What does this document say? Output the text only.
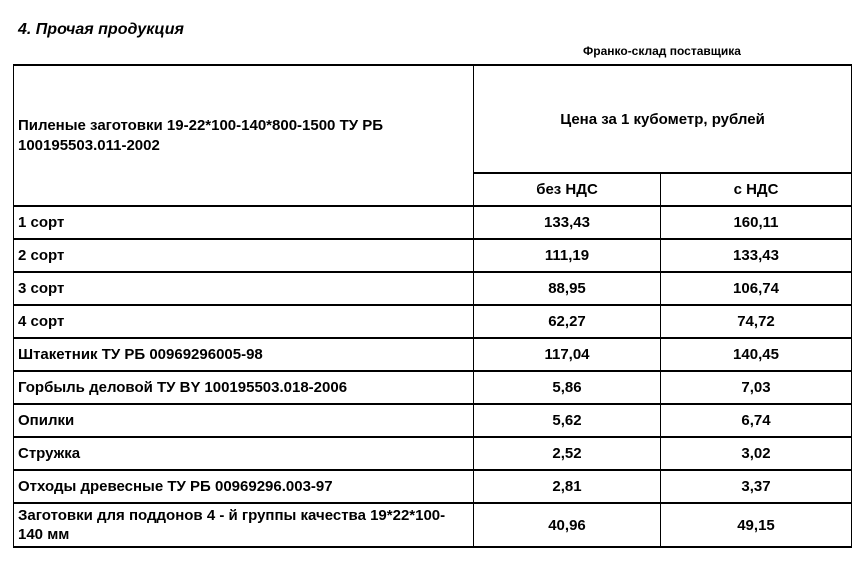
4. Прочая продукция
Франко-склад поставщика
Пиленые заготовки 19-22*100-140*800-1500 ТУ РБ 100195503.011-2002	Цена за 1 кубометр, рублей	
	без НДС	с НДС
1 сорт	133,43	160,11
2 сорт	111,19	133,43
3 сорт	88,95	106,74
4 сорт	62,27	74,72
Штакетник ТУ РБ 00969296005-98	117,04	140,45
Горбыль деловой ТУ BY 100195503.018-2006	5,86	7,03
Опилки	5,62	6,74
Стружка	2,52	3,02
Отходы древесные ТУ РБ 00969296.003-97	2,81	3,37
Заготовки для поддонов 4 - й группы качества 19*22*100-140 мм	40,96	49,15
